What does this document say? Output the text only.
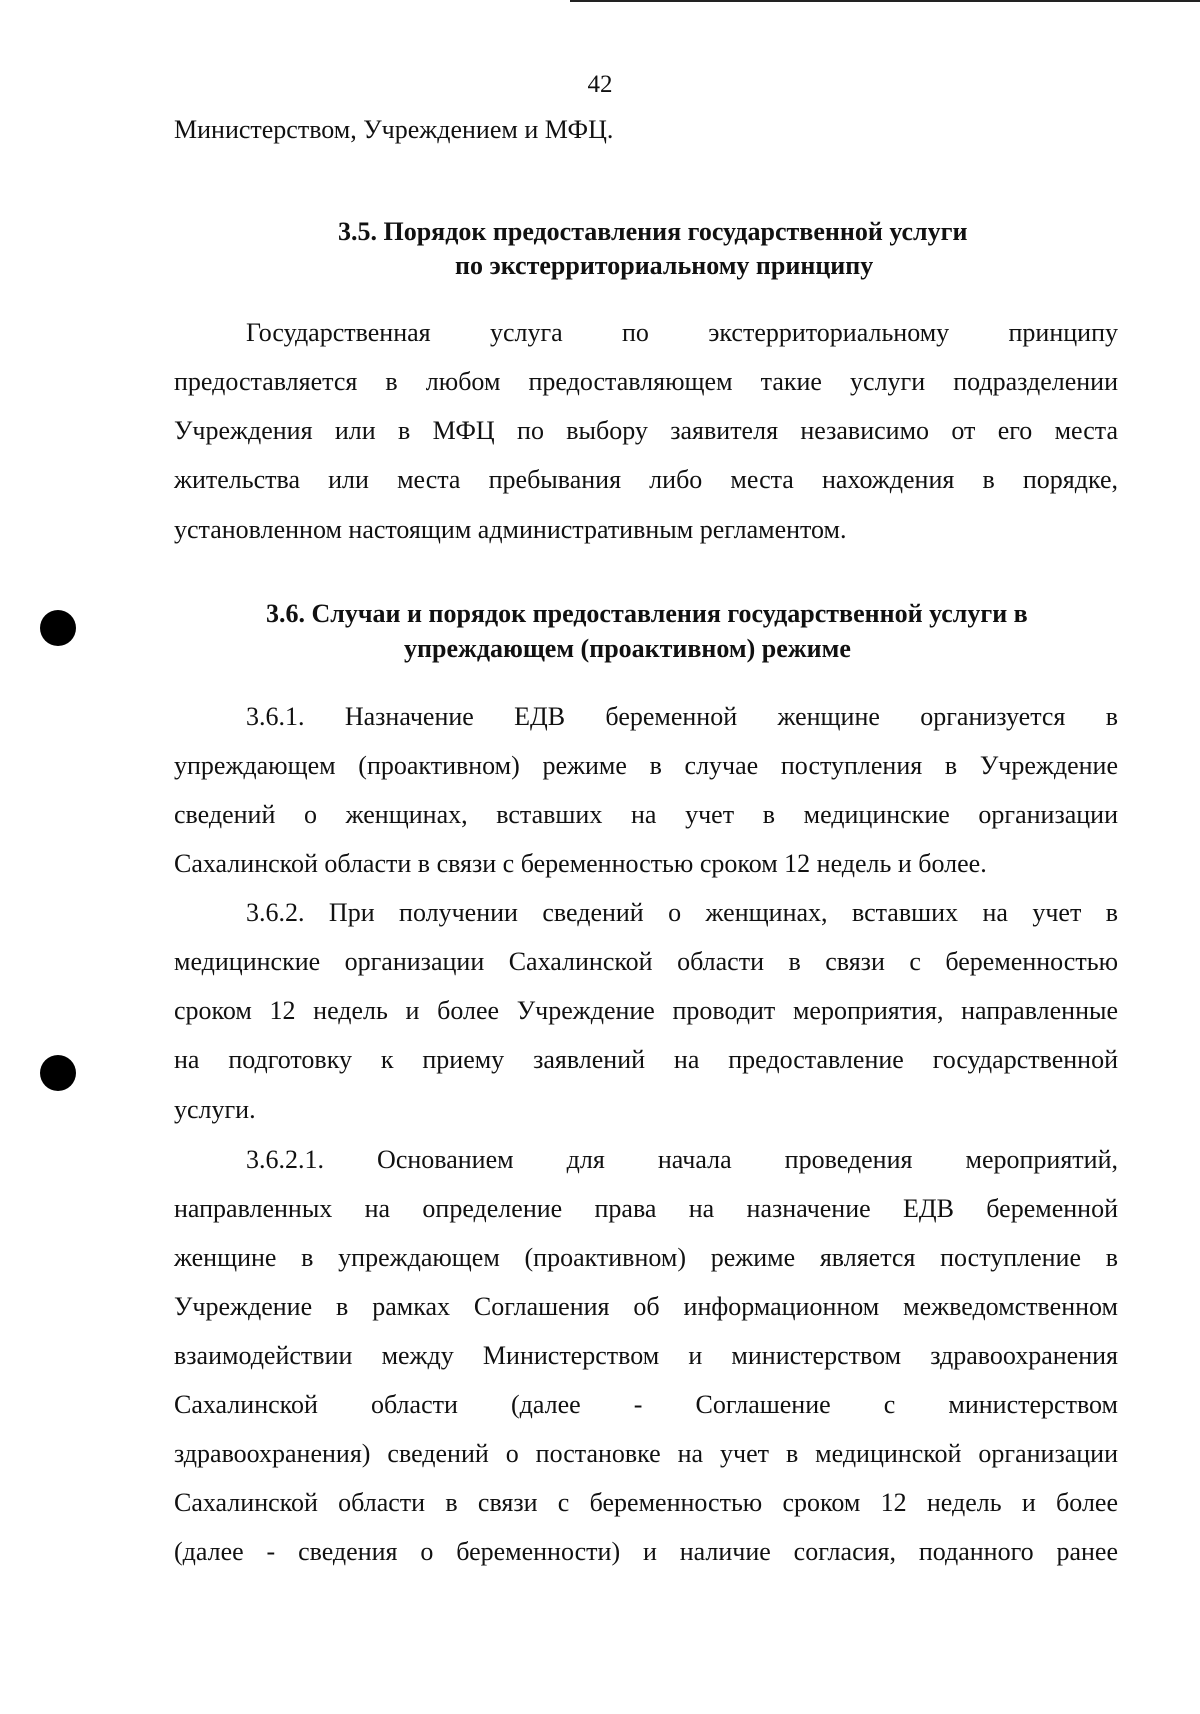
42
Министерством, Учреждением и МФЦ.
3.5. Порядок предоставления государственной услуги
по экстерриториальному принципу
Государственная услуга по экстерриториальному принципу
предоставляется в любом предоставляющем такие услуги подразделении
Учреждения или в МФЦ по выбору заявителя независимо от его места
жительства или места пребывания либо места нахождения в порядке,
установленном настоящим административным регламентом.
3.6. Случаи и порядок предоставления государственной услуги в
упреждающем (проактивном) режиме
3.6.1. Назначение ЕДВ беременной женщине организуется в
упреждающем (проактивном) режиме в случае поступления в Учреждение
сведений о женщинах, вставших на учет в медицинские организации
Сахалинской области в связи с беременностью сроком 12 недель и более.
3.6.2. При получении сведений о женщинах, вставших на учет в
медицинские организации Сахалинской области в связи с беременностью
сроком 12 недель и более Учреждение проводит мероприятия, направленные
на подготовку к приему заявлений на предоставление государственной
услуги.
3.6.2.1. Основанием для начала проведения мероприятий,
направленных на определение права на назначение ЕДВ беременной
женщине в упреждающем (проактивном) режиме является поступление в
Учреждение в рамках Соглашения об информационном межведомственном
взаимодействии между Министерством и министерством здравоохранения
Сахалинской области (далее - Соглашение с министерством
здравоохранения) сведений о постановке на учет в медицинской организации
Сахалинской области в связи с беременностью сроком 12 недель и более
(далее - сведения о беременности) и наличие согласия, поданного ранее
